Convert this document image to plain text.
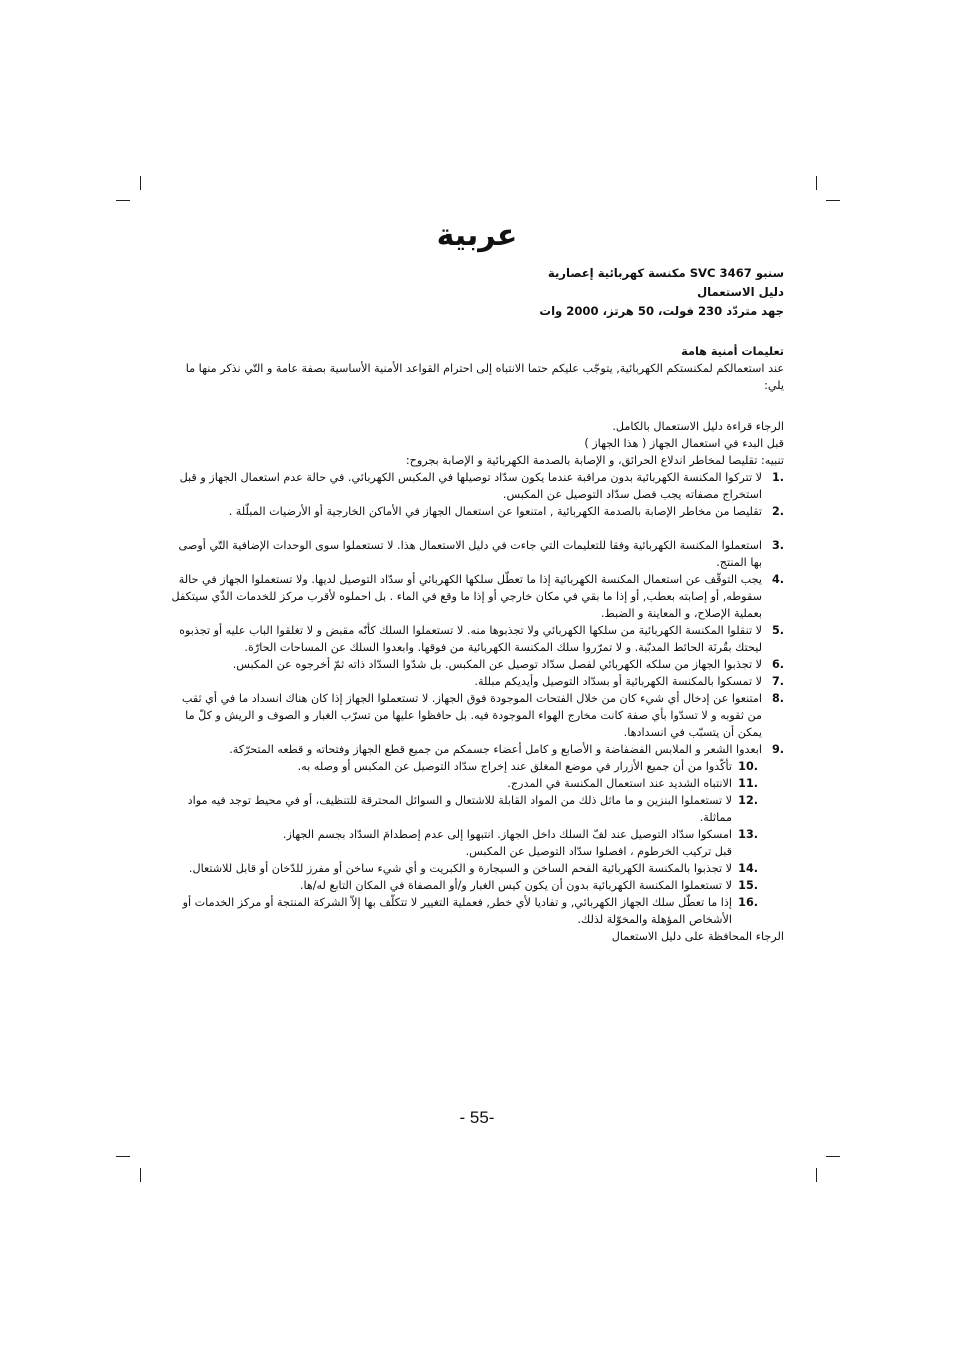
عربية
سنبو SVC 3467 مكنسة كهربائية إعصارية
دليل الاستعمال
جهد متردّد 230 فولت، 50 هرتز، 2000 وات
تعليمات أمنية هامة

عند استعمالكم لمكنستكم الكهربائية, يتوجّب عليكم حتما الانتباه إلى احترام القواعد الأمنية الأساسية بصفة عامة و التّي نذكر منها ما يلي:

الرجاء قراءة دليل الاستعمال بالكامل.

قبل البدء في استعمال الجهاز ( هذا الجهاز )

تنبيه: تقليصا لمخاطر اندلاع الحرائق، و الإصابة بالصدمة الكهربائية و الإصابة بجروح:

1.
لا تتركوا المكنسة الكهربائية بدون مراقبة عندما يكون سدّاد توصيلها في المكبس الكهربائي. في حالة عدم استعمال الجهاز و قبل استخراج مصفاته يجب فصل سدّاد التوصيل عن المكبس.
2.
تقليصا من مخاطر الإصابة بالصدمة الكهربائية , امتنعوا عن استعمال الجهاز في الأماكن الخارجية أو الأرضيات المبلّلة .
3.
استعملوا المكنسة الكهربائية وفقا للتعليمات التي جاءت في دليل الاستعمال هذا. لا تستعملوا سوى الوحدات الإضافية التّي أوصى بها المنتج.
4.
يجب التوقّف عن استعمال المكنسة الكهربائية إذا ما تعطّل سلكها الكهربائي أو سدّاد التوصيل لديها. ولا تستعملوا الجهاز في حالة سقوطه, أو إصابته بعطب, أو إذا ما بقي في مكان خارجي أو إذا ما وقع في الماء . بل احملوه لأقرب مركز للخدمات الذّي سيتكفل بعملية الإصلاح، و المعاينة و الضبط.
5.
لا تنقلوا المكنسة الكهربائية من سلكها الكهربائي ولا تجذبوها منه. لا تستعملوا السلك كأنّه مقبض و لا تغلقوا الباب عليه أو تجذبوه ليحتك بقُرنَة الحائط المدبّبة. و لا تمرّروا سلك المكنسة الكهربائية من فوقها. وابعدوا السلك عن المساحات الحارّة.
6.
لا تجذبوا الجهاز من سلكه الكهربائي لفصل سدّاد توصيل عن المكبس. بل شدّوا السدّاد ذاته ثمّ أخرجوه عن المكبس.
7.
لا تمسكوا بالمكنسة الكهربائية أو بسدّاد التوصيل وأيديكم مبللة.
8.
امتنعوا عن إدخال أي شيء كان من خلال الفتحات الموجودة فوق الجهاز. لا تستعملوا الجهاز إذا كان هناك انسداد ما في أي ثقب من ثقوبه و لا تسدّوا بأي صفة كانت مخارج الهواء الموجودة فيه. بل حافظوا عليها من تسرّب الغبار و الصوف و الريش و كلّ ما يمكن أن يتسبّب في انسدادها.
9.
ابعدوا الشعر و الملابس الفضفاضة و الأصابع و كامل أعضاء جسمكم من جميع قطع الجهاز وفتحاته و قطعه المتحرّكة.
10.
تأكّدوا من أن جميع الأزرار في موضع المغلق عند إخراج سدّاد التوصيل عن المكبس أو وصله به.
11.
الانتباه الشديد عند استعمال المكنسة في المدرج.
12.
لا تستعملوا البنزين و ما ماثل ذلك من المواد القابلة للاشتعال و السوائل المحترقة للتنظيف، أو في محيط توجد فيه مواد مماثلة.
13.
امسكوا سدّاد التوصيل عند لفّ السلك داخل الجهاز. انتبهوا إلى عدم إصطدامَ السدّاد بجسم الجهاز.
قبل تركيب الخرطوم ، افصلوا سدّاد التوصيل عن المكبس.
14.
لا تجذبوا بالمكنسة الكهربائية الفحم الساخن و السيجارة و الكبريت و أي شيء ساخن أو مفرز للدّخان أو قابل للاشتعال.
15.
لا تستعملوا المكنسة الكهربائية بدون أن يكون كيس الغبار و/أو المصفاة في المكان التابع له/ها.
16.
إذا ما تعطّل سلك الجهاز الكهربائي, و تفاديا لأي خطر, فعملية التغيير لا تتكلّف بها إلاّ الشركة المنتجة أو مركز الخدمات أو الأشخاص المؤهلة والمخوّلة لذلك.

الرجاء المحافظة على دليل الاستعمال

- 55-
